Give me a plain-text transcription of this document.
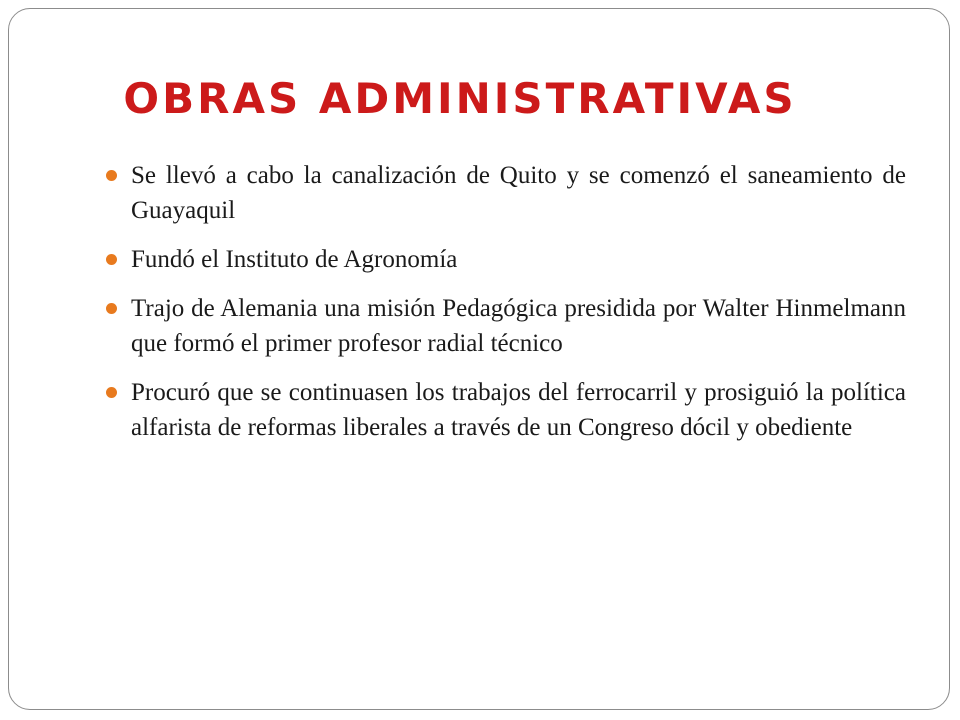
OBRAS ADMINISTRATIVAS
Se llevó a cabo la canalización de Quito y se comenzó el saneamiento de Guayaquil
Fundó el Instituto de Agronomía
Trajo de Alemania una misión Pedagógica presidida por Walter Hinmelmann que formó el primer profesor radial técnico
Procuró que se continuasen los trabajos del ferrocarril y prosiguió la política alfarista de reformas liberales a través de un Congreso dócil y obediente
